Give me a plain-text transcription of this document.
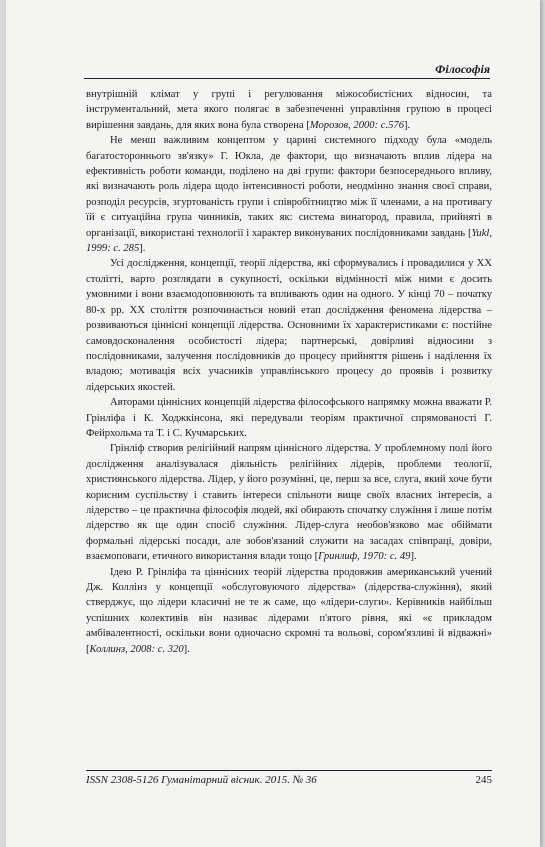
Філософія

внутрішній клімат у групі і регулювання міжособистісних відносин, та інструментальний, мета якого полягає в забезпеченні управління групою в процесі вирішення завдань, для яких вона була створена [Морозов, 2000: с.576].

Не менш важливим концептом у царині системного підходу була «модель багатостороннього зв'язку» Г. Юкла, де фактори, що визначають вплив лідера на ефективність роботи команди, поділено на дві групи: фактори безпосереднього впливу, які визначають роль лідера щодо інтенсивності роботи, неодмінно знання своєї справи, розподіл ресурсів, згуртованість групи і співробітництво між її членами, а на противагу їй є ситуаційна група чинників, таких як: система винагород, правила, прийняті в організації, використані технології і характер виконуваних послідовниками завдань [Yukl, 1999: с. 285].

Усі дослідження, концепції, теорії лідерства, які сформувались і провадилися у XX столітті, варто розглядати в сукупності, оскільки відмінності між ними є досить умовними і вони взаємодоповнюють та впливають один на одного. У кінці 70 – початку 80-х рр. XX століття розпочинається новий етап дослідження феномена лідерства – розвиваються ціннісні концепції лідерства. Основними їх характеристиками є: постійне самовдосконалення особистості лідера; партнерські, довірливі відносини з послідовниками, залучення послідовників до процесу прийняття рішень і наділення їх владою; мотивація всіх учасників управлінського процесу до проявів і розвитку лідерських якостей.

Авторами ціннісних концепцій лідерства філософського напрямку можна вважати Р. Грінліфа і К. Ходжкінсона, які передували теоріям практичної спрямованості Г. Фейрхольма та Т. і С. Кучмарських.

Грінліф створив релігійний напрям ціннісного лідерства. У проблемному полі його дослідження аналізувалася діяльність релігійних лідерів, проблеми теології, християнського лідерства. Лідер, у його розумінні, це, перш за все, слуга, який хоче бути корисним суспільству і ставить інтереси спільноти вище своїх власних інтересів, а лідерство – це практична філософія людей, які обирають спочатку служіння і лише потім лідерство як ще один спосіб служіння. Лідер-слуга необов'язково має обіймати формальні лідерські посади, але зобов'язаний служити на засадах співпраці, довіри, взаємоповаги, етичного використання влади тощо [Гринлиф, 1970: с. 49].

Ідею Р. Грінліфа та ціннісних теорій лідерства продовжив американський учений Дж. Коллінз у концепції «обслуговуючого лідерства» (лідерства-служіння), який стверджує, що лідери класичні не те ж саме, що «лідери-слуги». Керівників найбільш успішних колективів він називає лідерами п'ятого рівня, які «є прикладом амбівалентності, оскільки вони одночасно скромні та вольові, сором'язливі й відважні» [Коллинз, 2008: с. 320].

ISSN 2308-5126 Гуманітарний вісник. 2015. № 36	245
